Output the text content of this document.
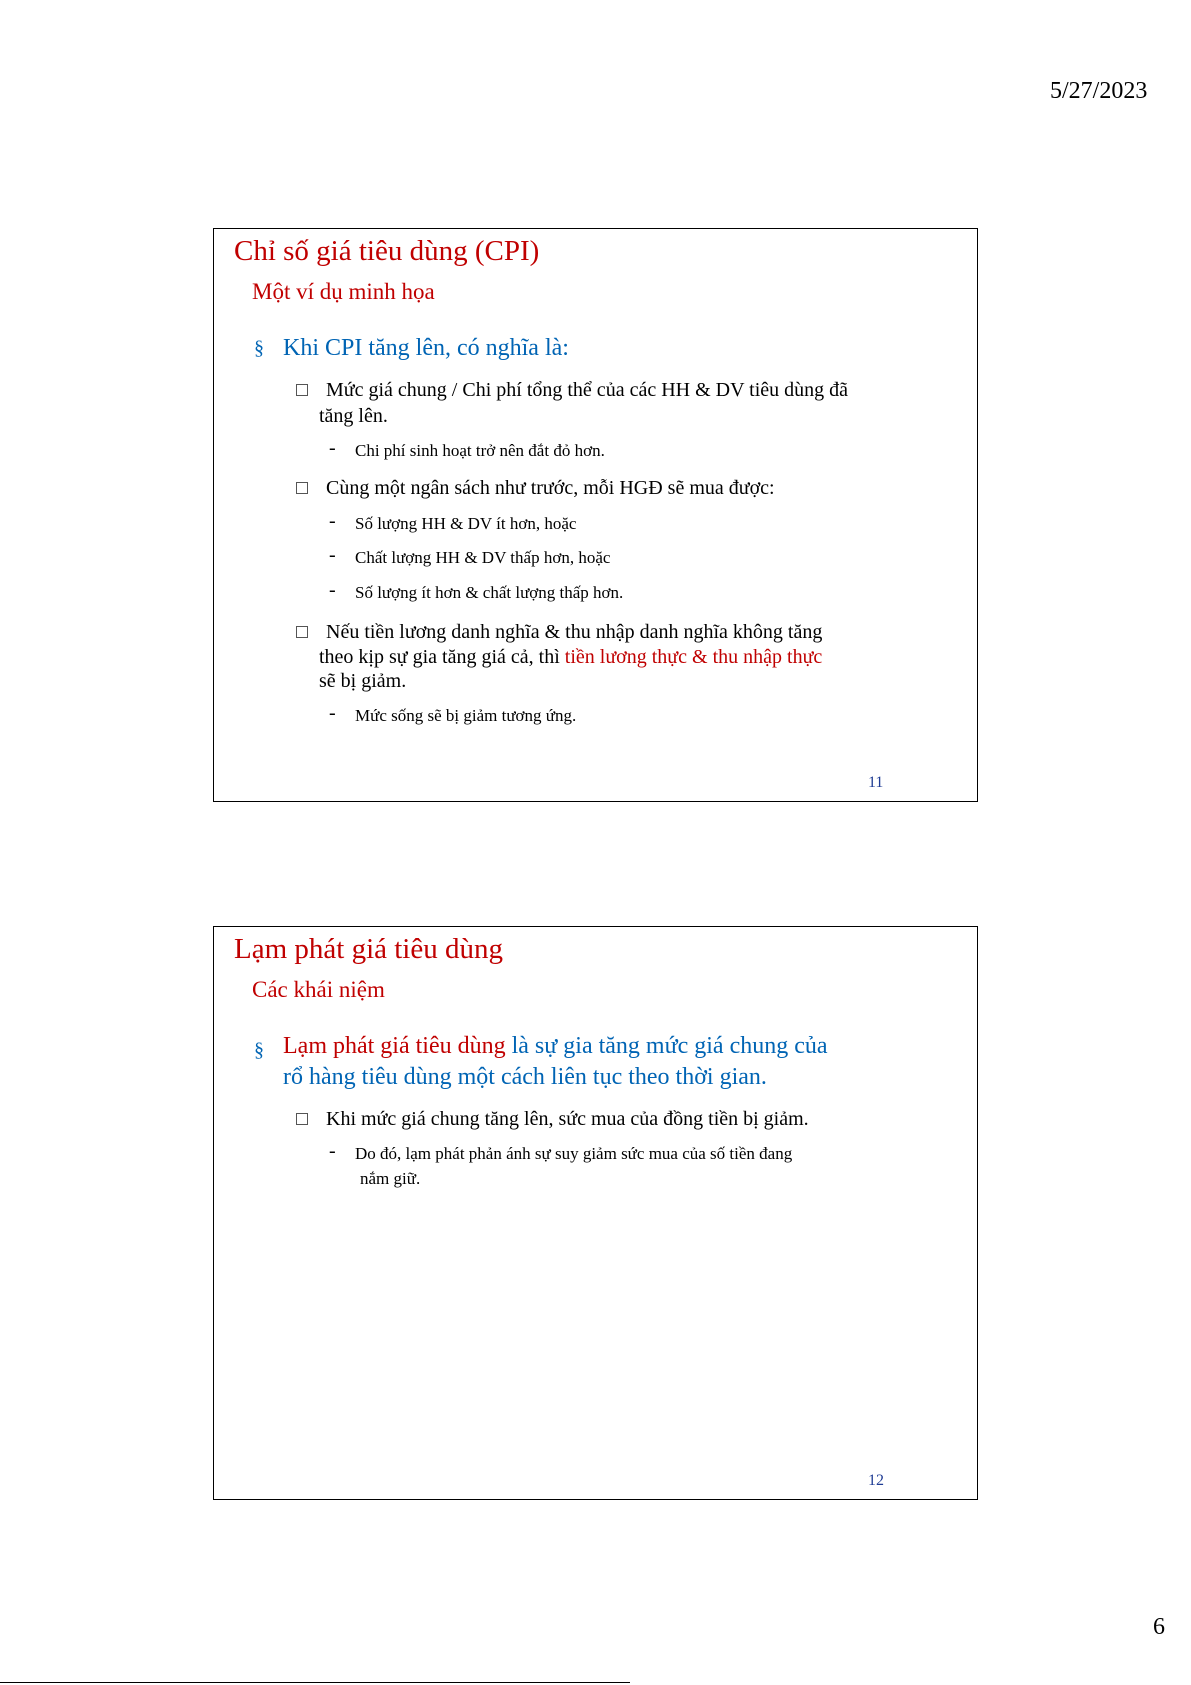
5/27/2023
Chỉ số giá tiêu dùng (CPI)
Một ví dụ minh họa
§ Khi CPI tăng lên, có nghĩa là:
Mức giá chung / Chi phí tổng thể của các HH & DV tiêu dùng đã
tăng lên.
- Chi phí sinh hoạt trở nên đắt đỏ hơn.
Cùng một ngân sách như trước, mỗi HGĐ sẽ mua được:
- Số lượng HH & DV ít hơn, hoặc
- Chất lượng HH & DV thấp hơn, hoặc
- Số lượng ít hơn & chất lượng thấp hơn.
Nếu tiền lương danh nghĩa & thu nhập danh nghĩa không tăng
theo kịp sự gia tăng giá cả, thì tiền lương thực & thu nhập thực
sẽ bị giảm.
- Mức sống sẽ bị giảm tương ứng.
11
Lạm phát giá tiêu dùng
Các khái niệm
§ Lạm phát giá tiêu dùng là sự gia tăng mức giá chung của
rổ hàng tiêu dùng một cách liên tục theo thời gian.
Khi mức giá chung tăng lên, sức mua của đồng tiền bị giảm.
- Do đó, lạm phát phản ánh sự suy giảm sức mua của số tiền đang
nắm giữ.
12
6
